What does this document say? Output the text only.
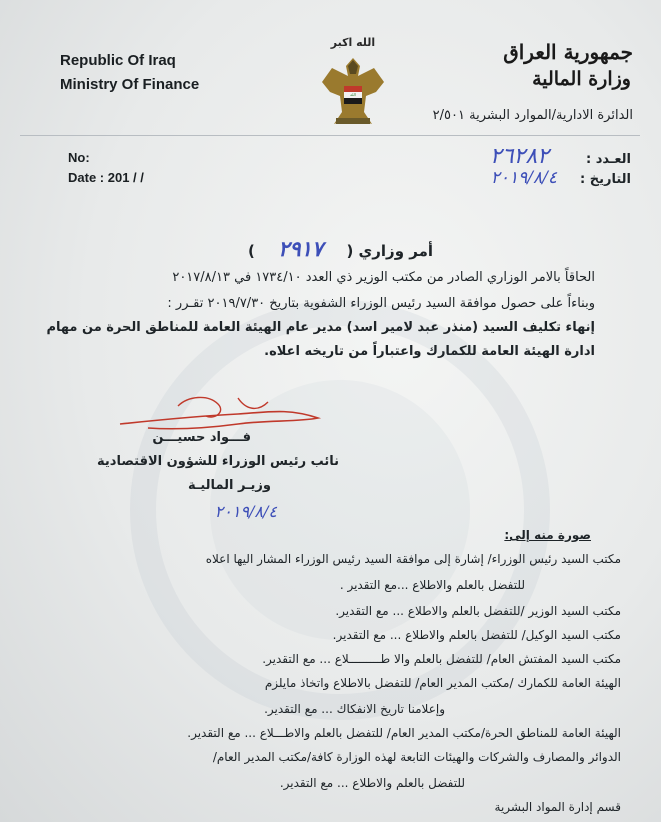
Republic Of Iraq
Ministry Of Finance
الله اكبر
الله
جمهورية العراق
وزارة المالية
الدائرة الادارية/الموارد البشرية ٢/٥٠١
No:
Date : 201 / /
العـدد :
٢٦٢٨٢
التاريخ :
٢٠١٩/٨/٤
أمر وزاري ( ٢٩١٧ )
الحاقاً بالامر الوزاري الصادر من مكتب الوزير ذي العدد ١٧٣٤/١٠ في ٢٠١٧/٨/١٣
وبناءاً على حصول موافقة السيد رئيس الوزراء الشفوية بتاريخ ٢٠١٩/٧/٣٠ تقـرر :
إنهاء تكليف السيد (منذر عبد لامير اسد) مدير عام الهيئة العامة للمناطق الحرة من مهام
ادارة الهيئة العامة للكمارك واعتباراً من تاريخه اعلاه.
فـــواد حسيـــن
نائب رئيس الوزراء للشؤون الاقتصادية
وزيـر الماليـة
٢٠١٩/٨/٤
صورة منه إلى:
مكتب السيد رئيس الوزراء/ إشارة إلى موافقة السيد رئيس الوزراء المشار اليها اعلاه
للتفضل بالعلم والاطلاع ...مع التقدير .
مكتب السيد الوزير /للتفضل بالعلم والاطلاع ... مع التقدير.
مكتب السيد الوكيل/ للتفضل بالعلم والاطلاع ... مع التقدير.
مكتب السيد المفتش العام/ للتفضل بالعلم والا طـــــــــلاع ... مع التقدير.
الهيئة العامة للكمارك /مكتب المدير العام/ للتفضل بالاطلاع واتخاذ مايلزم
وإعلامنا تاريخ الانفكاك ... مع التقدير.
الهيئة العامة للمناطق الحرة/مكتب المدير العام/ للتفضل بالعلم والاطـــلاع ... مع التقدير.
الدوائر والمصارف والشركات والهيئات التابعة لهذه الوزارة كافة/مكتب المدير العام/
للتفضل بالعلم والاطلاع ... مع التقدير.
قسم إدارة المواد البشرية
